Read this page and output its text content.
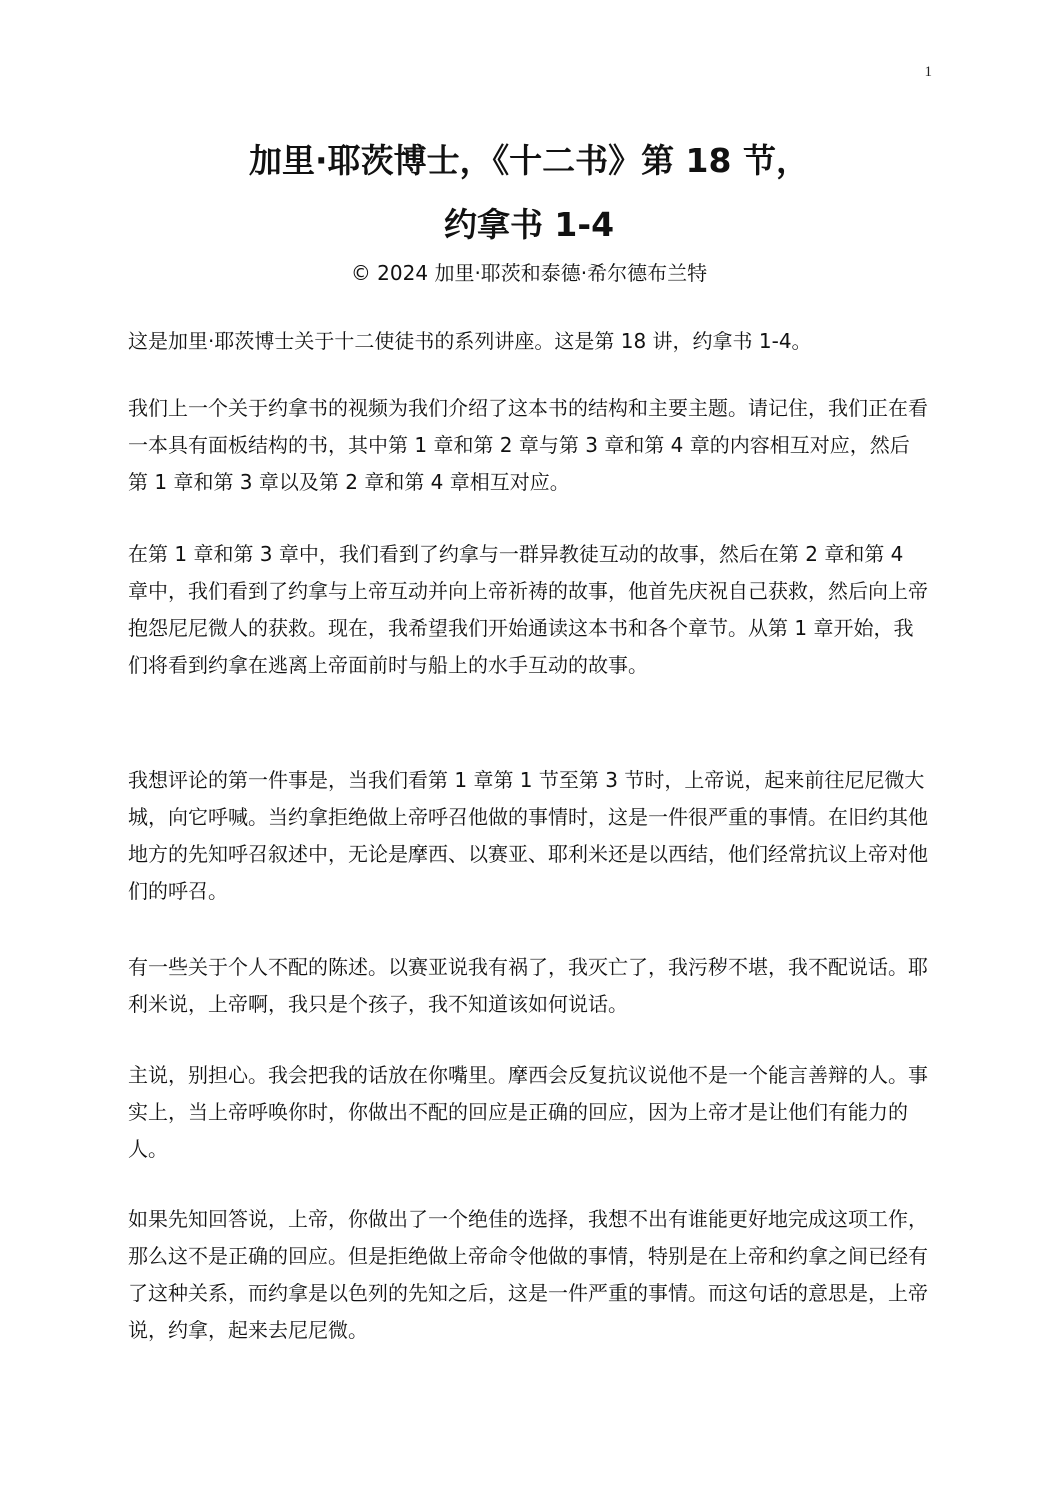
1
加里·耶茨博士，《十二书》第 18 节，
约拿书 1-4
© 2024 加里·耶茨和泰德·希尔德布兰特

这是加里·耶茨博士关于十二使徒书的系列讲座。这是第 18 讲，约拿书 1-4。

我们上一个关于约拿书的视频为我们介绍了这本书的结构和主要主题。请记住，我们正在看一本具有面板结构的书，其中第 1 章和第 2 章与第 3 章和第 4 章的内容相互对应，然后第 1 章和第 3 章以及第 2 章和第 4 章相互对应。

在第 1 章和第 3 章中，我们看到了约拿与一群异教徒互动的故事，然后在第 2 章和第 4 章中，我们看到了约拿与上帝互动并向上帝祈祷的故事，他首先庆祝自己获救，然后向上帝抱怨尼尼微人的获救。现在，我希望我们开始通读这本书和各个章节。从第 1 章开始，我们将看到约拿在逃离上帝面前时与船上的水手互动的故事。

我想评论的第一件事是，当我们看第 1 章第 1 节至第 3 节时，上帝说，起来前往尼尼微大城，向它呼喊。当约拿拒绝做上帝呼召他做的事情时，这是一件很严重的事情。在旧约其他地方的先知呼召叙述中，无论是摩西、以赛亚、耶利米还是以西结，他们经常抗议上帝对他们的呼召。

有一些关于个人不配的陈述。以赛亚说我有祸了，我灭亡了，我污秽不堪，我不配说话。耶利米说，上帝啊，我只是个孩子，我不知道该如何说话。

主说，别担心。我会把我的话放在你嘴里。摩西会反复抗议说他不是一个能言善辩的人。事实上，当上帝呼唤你时，你做出不配的回应是正确的回应，因为上帝才是让他们有能力的人。

如果先知回答说，上帝，你做出了一个绝佳的选择，我想不出有谁能更好地完成这项工作，那么这不是正确的回应。但是拒绝做上帝命令他做的事情，特别是在上帝和约拿之间已经有了这种关系，而约拿是以色列的先知之后，这是一件严重的事情。而这句话的意思是，上帝说，约拿，起来去尼尼微。
